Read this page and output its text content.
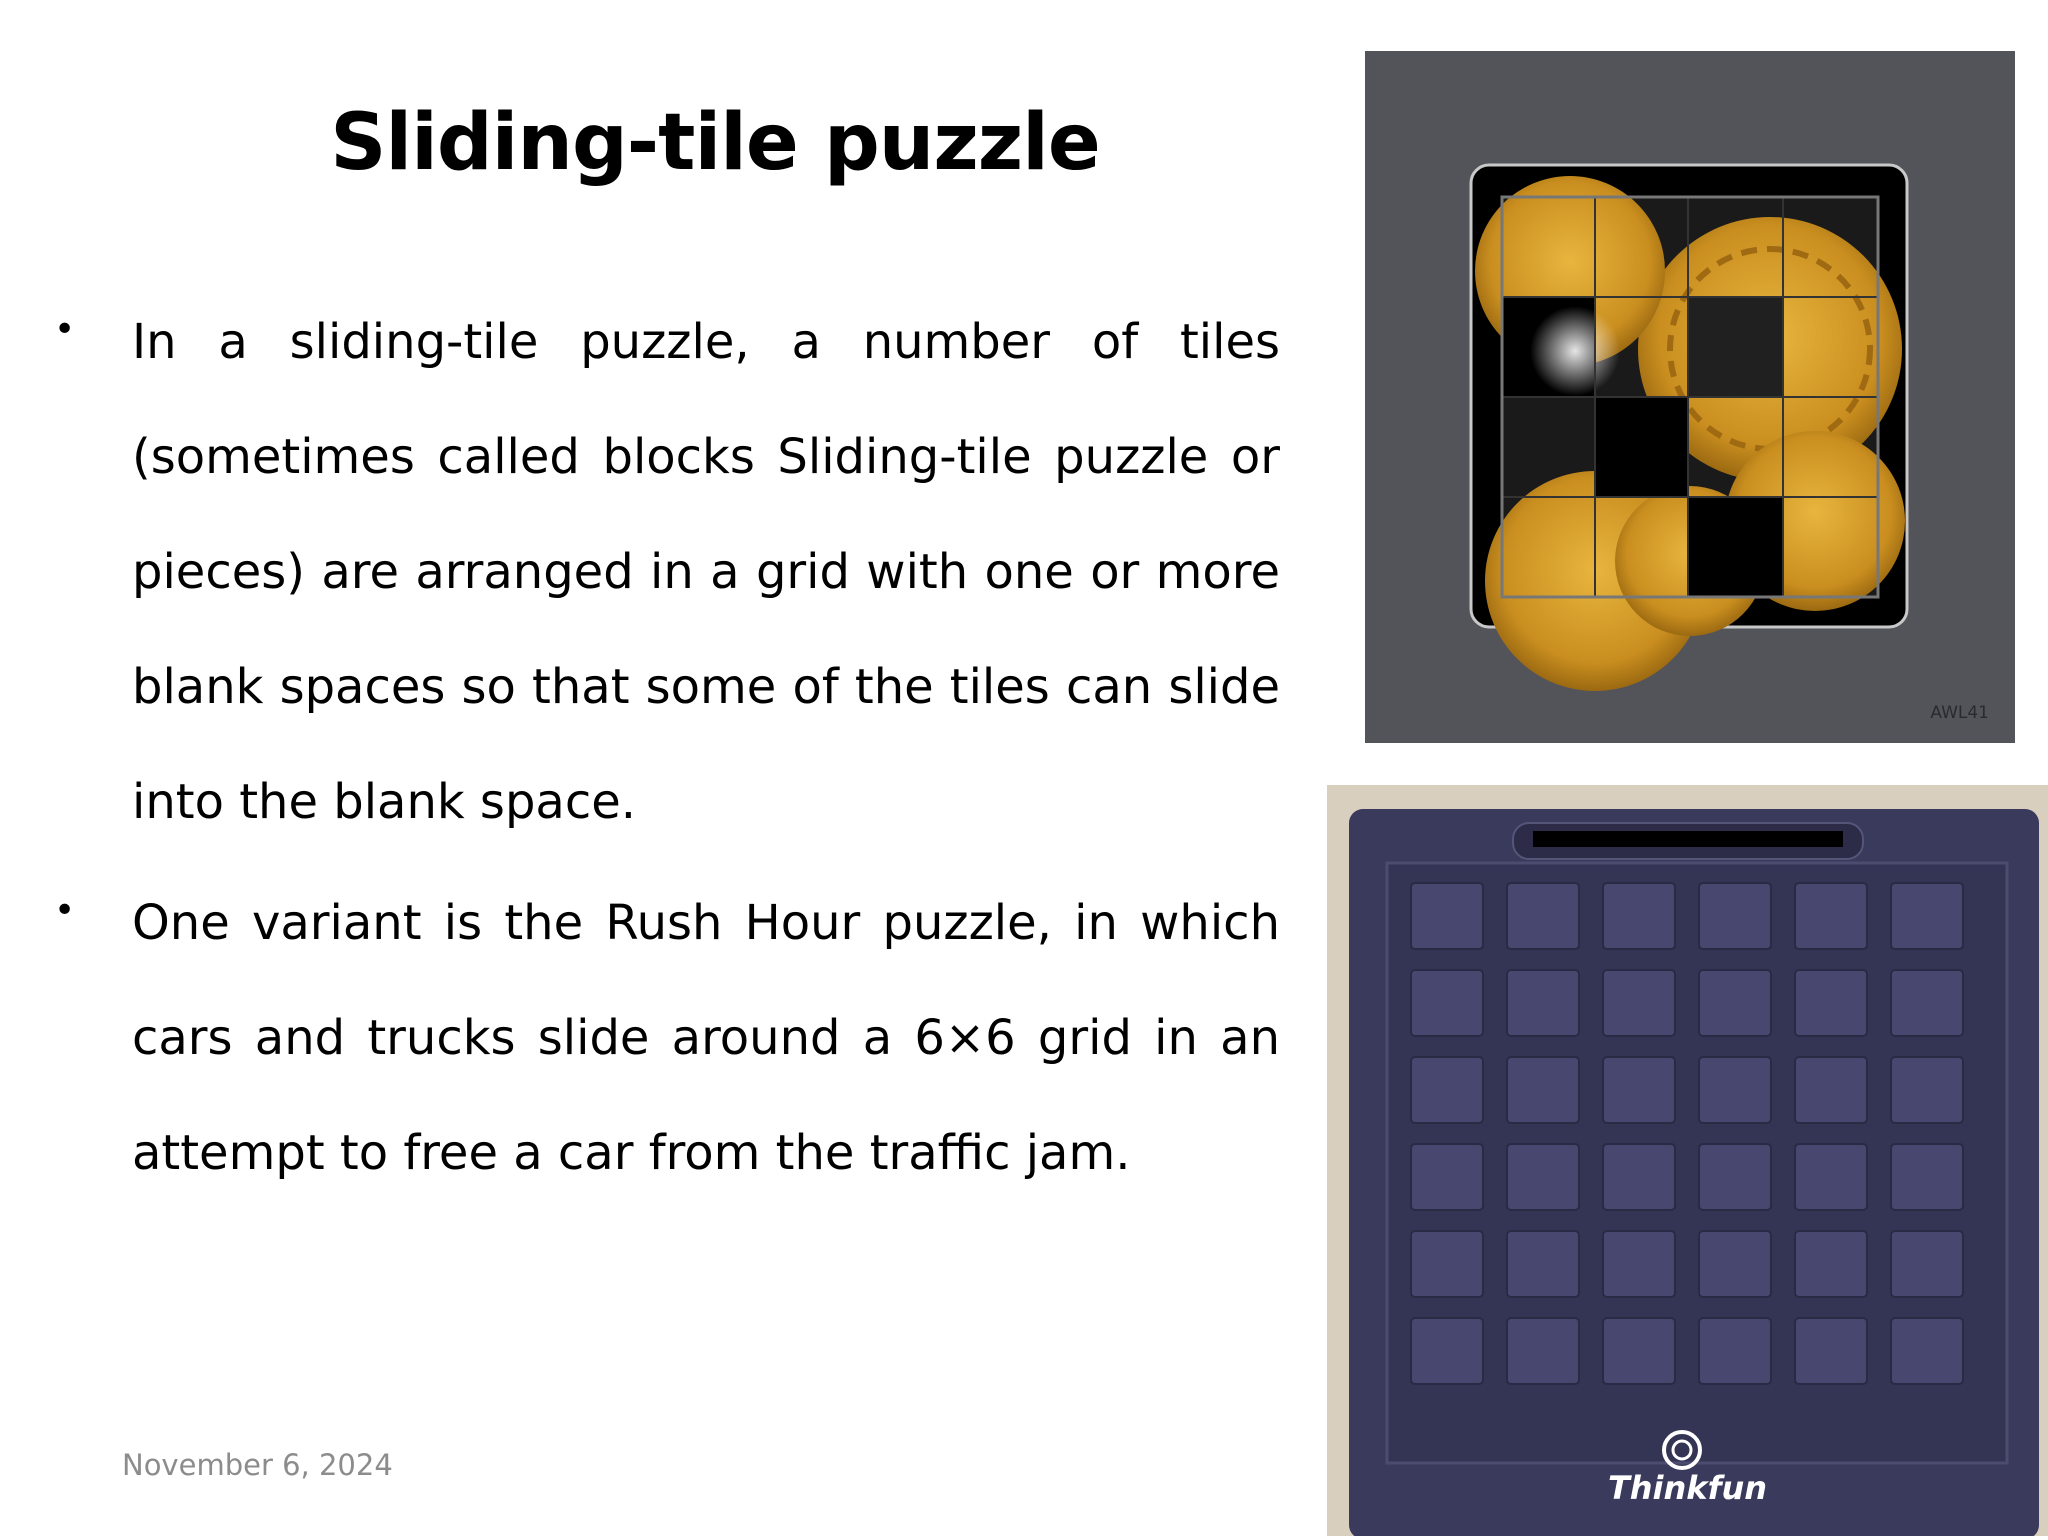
Sliding-tile puzzle
• In a sliding-tile puzzle, a number of tiles (sometimes called blocks Sliding-tile puzzle or pieces) are arranged in a grid with one or more blank spaces so that some of the tiles can slide into the blank space.
• One variant is the Rush Hour puzzle, in which cars and trucks slide around a 6×6 grid in an attempt to free a car from the traffic jam.
November 6, 2024
AWL41
Thinkfun
